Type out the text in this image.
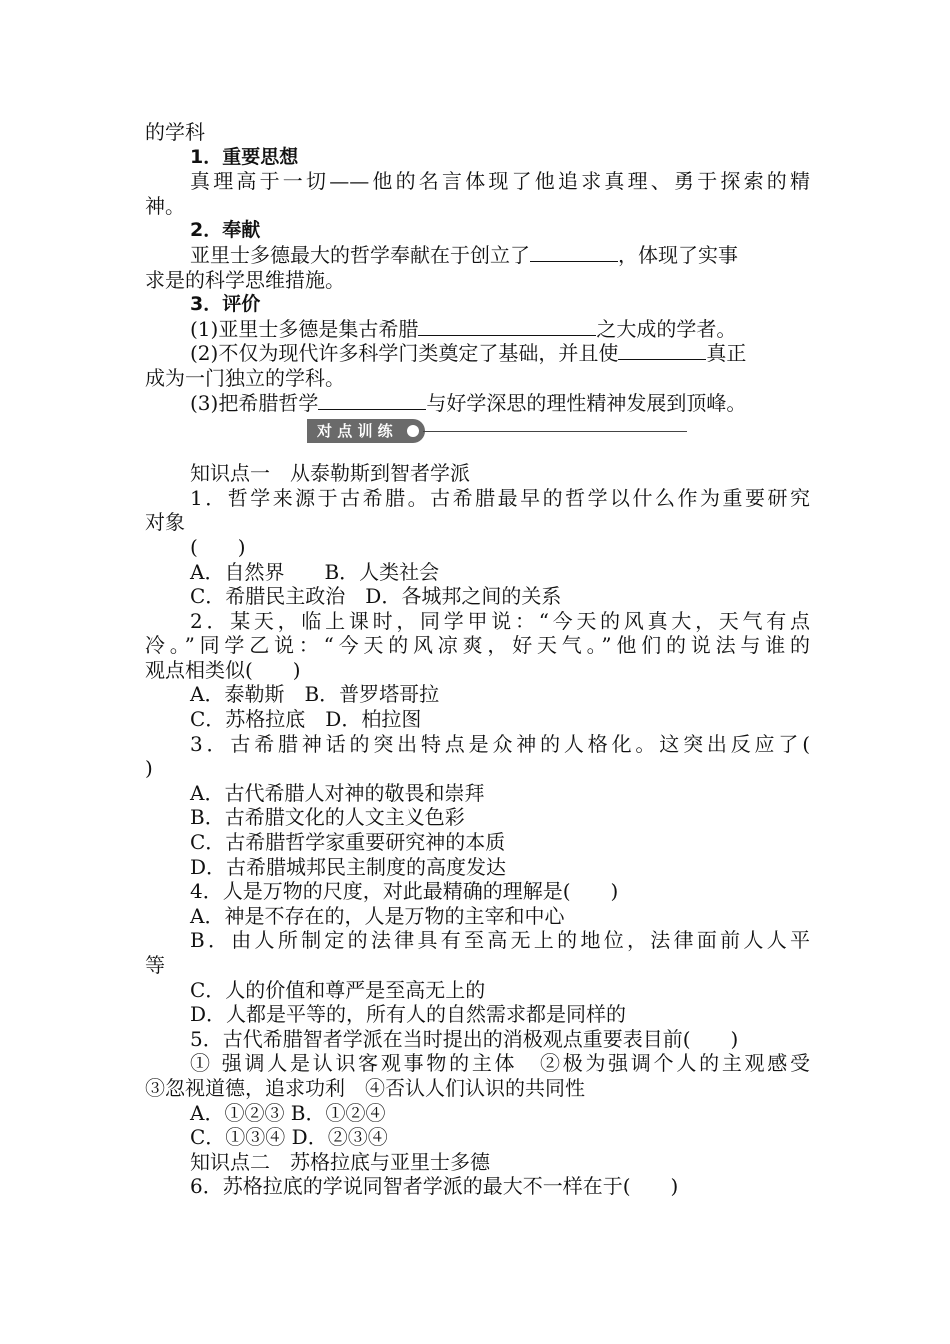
的学科
1．重要思想
真理高于一切——他的名言体现了他追求真理、勇于探索的精
神。
2．奉献
亚里士多德最大的哲学奉献在于创立了	，体现了实事
求是的科学思维措施。
3．评价
(1)亚里士多德是集古希腊	之大成的学者。
(2)不仅为现代许多科学门类奠定了基础，并且使	真正
成为一门独立的学科。
(3)把希腊哲学	与好学深思的理性精神发展到顶峰。
对 点 训 练
知识点一　从泰勒斯到智者学派
1．哲学来源于古希腊。古希腊最早的哲学以什么作为重要研究
对象
(　　)
A．自然界　　B．人类社会
C．希腊民主政治　D．各城邦之间的关系
2．某天，临上课时，同学甲说：“今天的风真大，天气有点
冷。”同学乙说：“今天的风凉爽，好天气。”他们的说法与谁的
观点相类似(　　)
A．泰勒斯　B．普罗塔哥拉
C．苏格拉底　D．柏拉图
3．古希腊神话的突出特点是众神的人格化。这突出反应了(
)
A．古代希腊人对神的敬畏和崇拜
B．古希腊文化的人文主义色彩
C．古希腊哲学家重要研究神的本质
D．古希腊城邦民主制度的高度发达
4．人是万物的尺度，对此最精确的理解是(　　)
A．神是不存在的，人是万物的主宰和中心
B．由人所制定的法律具有至高无上的地位，法律面前人人平
等
C．人的价值和尊严是至高无上的
D．人都是平等的，所有人的自然需求都是同样的
5．古代希腊智者学派在当时提出的消极观点重要表目前(　　)
① 强调人是认识客观事物的主体　②极为强调个人的主观感受
③忽视道德，追求功利　④否认人们认识的共同性
A．①②③ B．①②④
C．①③④ D．②③④
知识点二　苏格拉底与亚里士多德
6．苏格拉底的学说同智者学派的最大不一样在于(　　)
